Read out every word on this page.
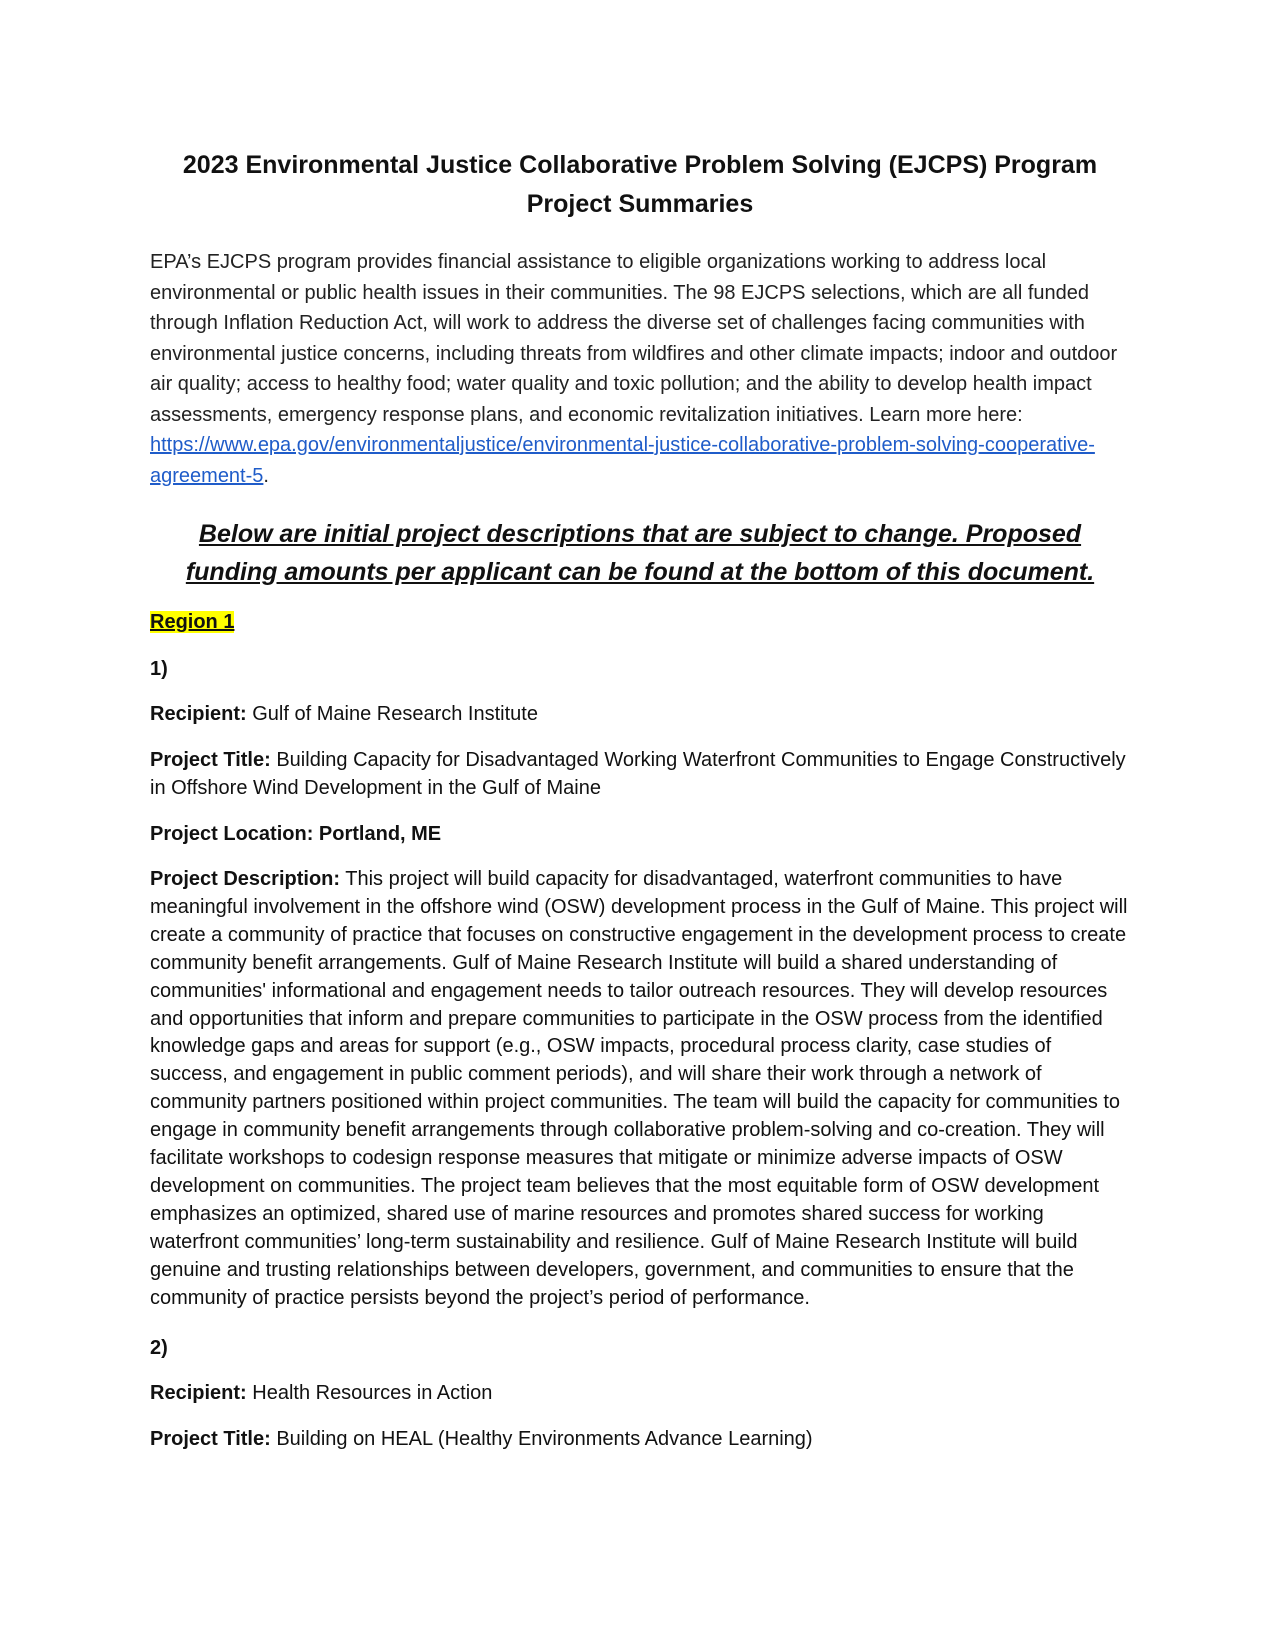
2023 Environmental Justice Collaborative Problem Solving (EJCPS) Program
Project Summaries

EPA’s EJCPS program provides financial assistance to eligible organizations working to address local environmental or public health issues in their communities. The 98 EJCPS selections, which are all funded through Inflation Reduction Act, will work to address the diverse set of challenges facing communities with environmental justice concerns, including threats from wildfires and other climate impacts; indoor and outdoor air quality; access to healthy food; water quality and toxic pollution; and the ability to develop health impact assessments, emergency response plans, and economic revitalization initiatives. Learn more here: https://www.epa.gov/environmentaljustice/environmental-justice-collaborative-problem-solving-cooperative-agreement-5.

Below are initial project descriptions that are subject to change. Proposed
funding amounts per applicant can be found at the bottom of this document.

Region 1

1)

Recipient: Gulf of Maine Research Institute

Project Title: Building Capacity for Disadvantaged Working Waterfront Communities to Engage Constructively in Offshore Wind Development in the Gulf of Maine

Project Location: Portland, ME

Project Description: This project will build capacity for disadvantaged, waterfront communities to have meaningful involvement in the offshore wind (OSW) development process in the Gulf of Maine. This project will create a community of practice that focuses on constructive engagement in the development process to create community benefit arrangements. Gulf of Maine Research Institute will build a shared understanding of communities' informational and engagement needs to tailor outreach resources. They will develop resources and opportunities that inform and prepare communities to participate in the OSW process from the identified knowledge gaps and areas for support (e.g., OSW impacts, procedural process clarity, case studies of success, and engagement in public comment periods), and will share their work through a network of community partners positioned within project communities. The team will build the capacity for communities to engage in community benefit arrangements through collaborative problem-solving and co-creation. They will facilitate workshops to codesign response measures that mitigate or minimize adverse impacts of OSW development on communities. The project team believes that the most equitable form of OSW development emphasizes an optimized, shared use of marine resources and promotes shared success for working waterfront communities’ long-term sustainability and resilience. Gulf of Maine Research Institute will build genuine and trusting relationships between developers, government, and communities to ensure that the community of practice persists beyond the project’s period of performance.

2)

Recipient: Health Resources in Action

Project Title: Building on HEAL (Healthy Environments Advance Learning)
